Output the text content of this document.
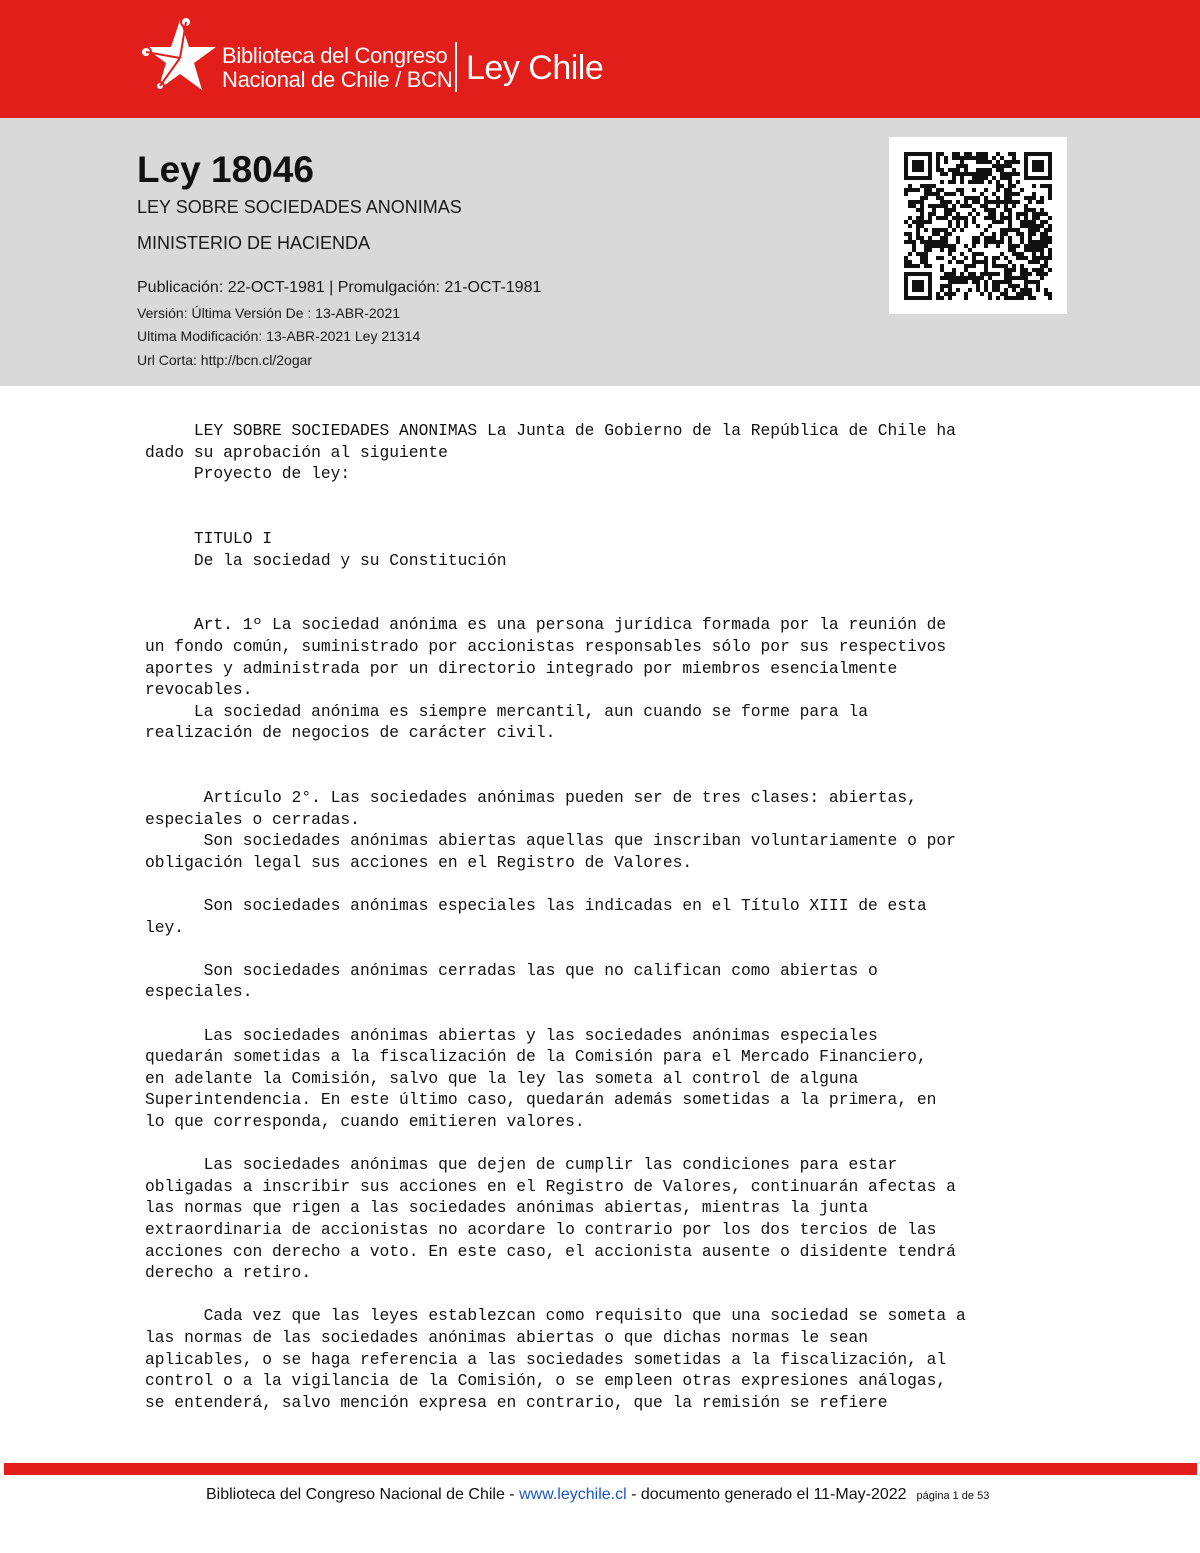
Biblioteca del Congreso
Nacional de Chile / BCN Ley Chile
Ley 18046
LEY SOBRE SOCIEDADES ANONIMAS
MINISTERIO DE HACIENDA
Publicación: 22-OCT-1981 | Promulgación: 21-OCT-1981
Versión: Última Versión De : 13-ABR-2021
Ultima Modificación: 13-ABR-2021 Ley 21314
Url Corta: http://bcn.cl/2ogar
LEY SOBRE SOCIEDADES ANONIMAS La Junta de Gobierno de la República de Chile ha
dado su aprobación al siguiente
Proyecto de ley:

TITULO I
De la sociedad y su Constitución

Art. 1º La sociedad anónima es una persona jurídica formada por la reunión de
un fondo común, suministrado por accionistas responsables sólo por sus respectivos
aportes y administrada por un directorio integrado por miembros esencialmente
revocables.
La sociedad anónima es siempre mercantil, aun cuando se forme para la
realización de negocios de carácter civil.

Artículo 2°. Las sociedades anónimas pueden ser de tres clases: abiertas,
especiales o cerradas.
Son sociedades anónimas abiertas aquellas que inscriban voluntariamente o por
obligación legal sus acciones en el Registro de Valores.

Son sociedades anónimas especiales las indicadas en el Título XIII de esta
ley.

Son sociedades anónimas cerradas las que no califican como abiertas o
especiales.

Las sociedades anónimas abiertas y las sociedades anónimas especiales
quedarán sometidas a la fiscalización de la Comisión para el Mercado Financiero,
en adelante la Comisión, salvo que la ley las someta al control de alguna
Superintendencia. En este último caso, quedarán además sometidas a la primera, en
lo que corresponda, cuando emitieren valores.

Las sociedades anónimas que dejen de cumplir las condiciones para estar
obligadas a inscribir sus acciones en el Registro de Valores, continuarán afectas a
las normas que rigen a las sociedades anónimas abiertas, mientras la junta
extraordinaria de accionistas no acordare lo contrario por los dos tercios de las
acciones con derecho a voto. En este caso, el accionista ausente o disidente tendrá
derecho a retiro.

Cada vez que las leyes establezcan como requisito que una sociedad se someta a
las normas de las sociedades anónimas abiertas o que dichas normas le sean
aplicables, o se haga referencia a las sociedades sometidas a la fiscalización, al
control o a la vigilancia de la Comisión, o se empleen otras expresiones análogas,
se entenderá, salvo mención expresa en contrario, que la remisión se refiere
Biblioteca del Congreso Nacional de Chile - www.leychile.cl - documento generado el 11-May-2022 página 1 de 53
